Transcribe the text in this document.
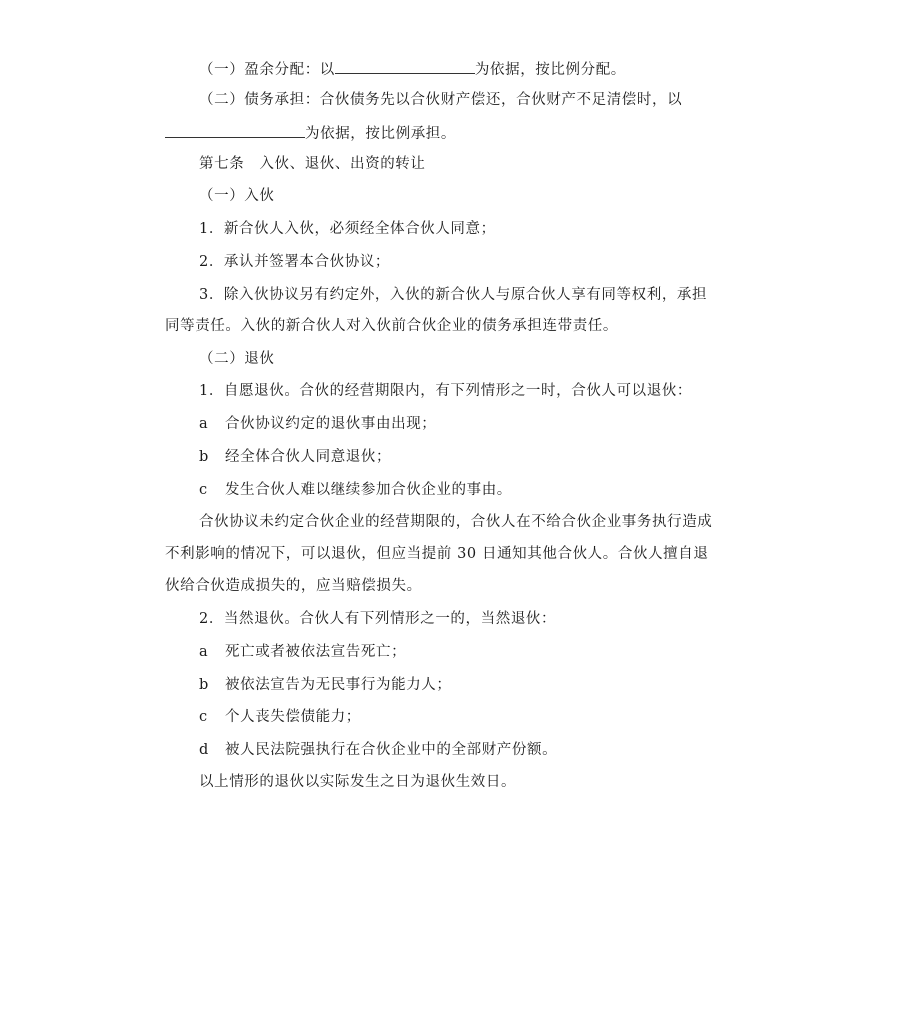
（一）盈余分配：以	为依据，按比例分配。
（二）债务承担：合伙债务先以合伙财产偿还，合伙财产不足清偿时，以
为依据，按比例承担。
第七条　入伙、退伙、出资的转让
（一）入伙
1．新合伙人入伙，必须经全体合伙人同意；
2．承认并签署本合伙协议；
3．除入伙协议另有约定外，入伙的新合伙人与原合伙人享有同等权利，承担
同等责任。入伙的新合伙人对入伙前合伙企业的债务承担连带责任。
（二）退伙
1．自愿退伙。合伙的经营期限内，有下列情形之一时，合伙人可以退伙：
a 合伙协议约定的退伙事由出现；
b 经全体合伙人同意退伙；
c 发生合伙人难以继续参加合伙企业的事由。
合伙协议未约定合伙企业的经营期限的，合伙人在不给合伙企业事务执行造成
不利影响的情况下，可以退伙，但应当提前 30 日通知其他合伙人。合伙人擅自退
伙给合伙造成损失的，应当赔偿损失。
2．当然退伙。合伙人有下列情形之一的，当然退伙：
a 死亡或者被依法宣告死亡；
b 被依法宣告为无民事行为能力人；
c 个人丧失偿债能力；
d 被人民法院强执行在合伙企业中的全部财产份额。
以上情形的退伙以实际发生之日为退伙生效日。
